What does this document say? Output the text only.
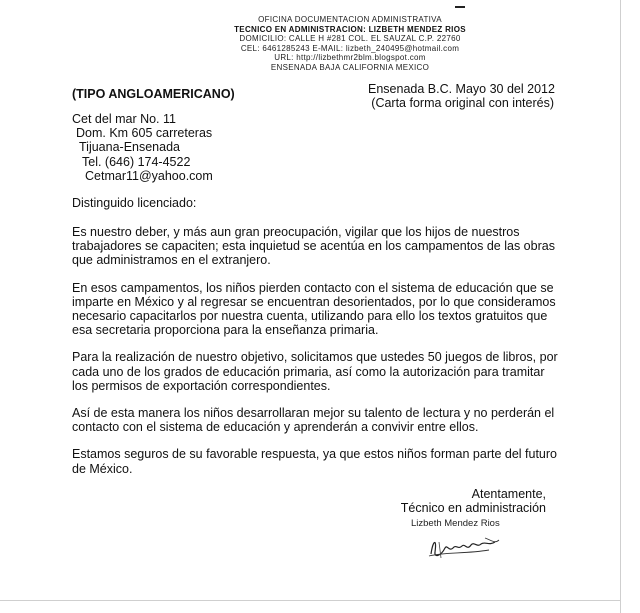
OFICINA DOCUMENTACION ADMINISTRATIVA
TECNICO EN ADMINISTRACION: LIZBETH MENDEZ RIOS
DOMICILIO: CALLE H #281 COL. EL SAUZAL C.P. 22760
CEL: 6461285243 E-MAIL: lizbeth_240495@hotmail.com
URL: http://lizbethmr2blm.blogspot.com
ENSENADA BAJA CALIFORNIA MEXICO
(TIPO ANGLOAMERICANO)	Ensenada B.C. Mayo 30 del 2012
(Carta forma original con interés)
Cet del mar No. 11
Dom. Km 605 carreteras
Tijuana-Ensenada
Tel. (646) 174-4522
Cetmar11@yahoo.com
Distinguido licenciado:

Es nuestro deber, y más aun gran preocupación, vigilar que los hijos de nuestros
trabajadores se capaciten; esta inquietud se acentúa en los campamentos de las obras
que administramos en el extranjero.

En esos campamentos, los niños pierden contacto con el sistema de educación que se
imparte en México y al regresar se encuentran desorientados, por lo que consideramos
necesario capacitarlos por nuestra cuenta, utilizando para ello los textos gratuitos que
esa secretaria proporciona para la enseñanza primaria.

Para la realización de nuestro objetivo, solicitamos que ustedes 50 juegos de libros, por
cada uno de los grados de educación primaria, así como la autorización para tramitar
los permisos de exportación correspondientes.

Así de esta manera los niños desarrollaran mejor su talento de lectura y no perderán el
contacto con el sistema de educación y aprenderán a convivir entre ellos.

Estamos seguros de su favorable respuesta, ya que estos niños forman parte del futuro
de México.

Atentamente,
Técnico en administración
Lizbeth Mendez Rios
